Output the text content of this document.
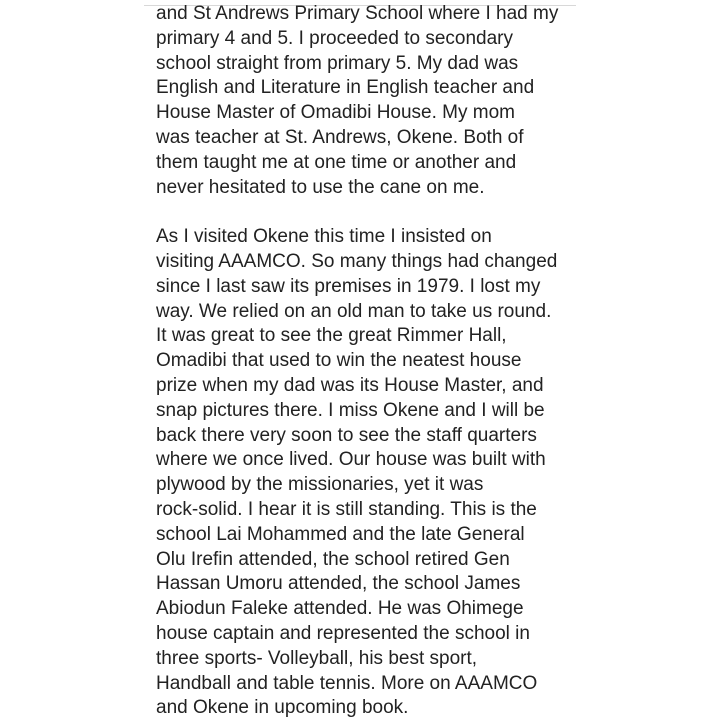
and St Andrews Primary School where I had my
primary 4 and 5. I proceeded to secondary
school straight from primary 5. My dad was
English and Literature in English teacher and
House Master of Omadibi House. My mom
was teacher at St. Andrews, Okene. Both of
them taught me at one time or another and
never hesitated to use the cane on me.
As I visited Okene this time I insisted on
visiting AAAMCO. So many things had changed
since I last saw its premises in 1979. I lost my
way. We relied on an old man to take us round.
It was great to see the great Rimmer Hall,
Omadibi that used to win the neatest house
prize when my dad was its House Master, and
snap pictures there. I miss Okene and I will be
back there very soon to see the staff quarters
where we once lived. Our house was built with
plywood by the missionaries, yet it was
rock-solid. I hear it is still standing. This is the
school Lai Mohammed and the late General
Olu Irefin attended, the school retired Gen
Hassan Umoru attended, the school James
Abiodun Faleke attended. He was Ohimege
house captain and represented the school in
three sports- Volleyball, his best sport,
Handball and table tennis. More on AAAMCO
and Okene in upcoming book.
